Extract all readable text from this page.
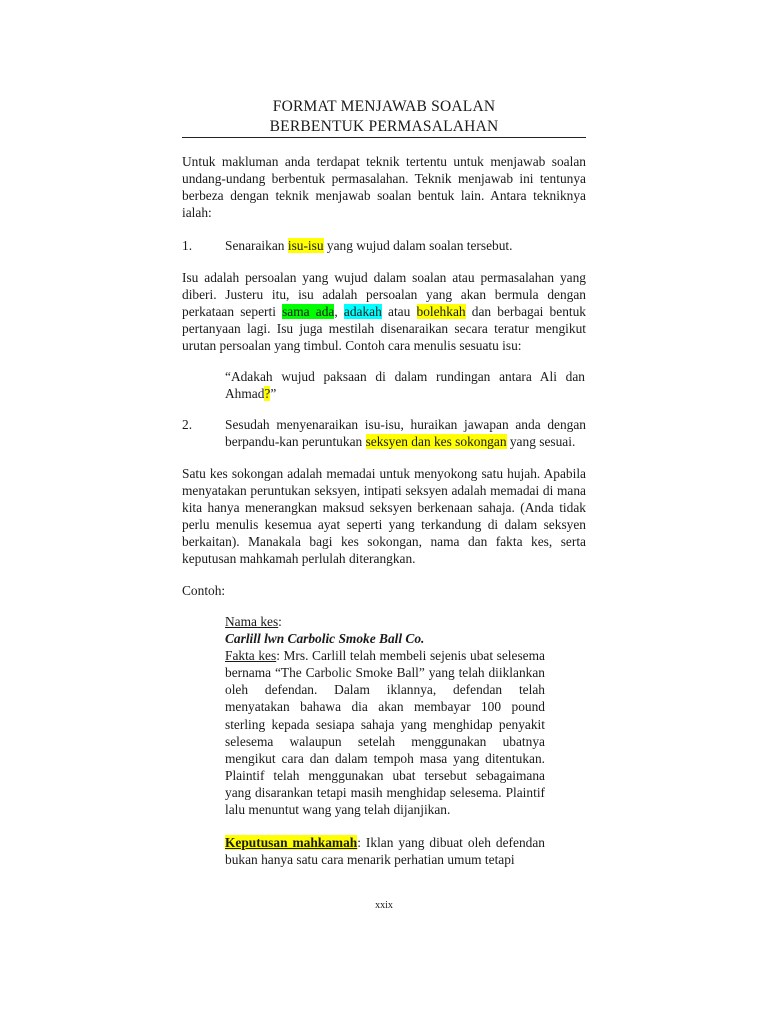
FORMAT MENJAWAB SOALAN
BERBENTUK PERMASALAHAN
Untuk makluman anda terdapat teknik tertentu untuk menjawab soalan undang-undang berbentuk permasalahan. Teknik menjawab ini tentunya berbeza dengan teknik menjawab soalan bentuk lain. Antara tekniknya ialah:
1. Senaraikan isu-isu yang wujud dalam soalan tersebut.
Isu adalah persoalan yang wujud dalam soalan atau permasalahan yang diberi. Justeru itu, isu adalah persoalan yang akan bermula dengan perkataan seperti sama ada, adakah atau bolehkah dan berbagai bentuk pertanyaan lagi. Isu juga mestilah disenaraikan secara teratur mengikut urutan persoalan yang timbul. Contoh cara menulis sesuatu isu:
“Adakah wujud paksaan di dalam rundingan antara Ali dan Ahmad?”
2. Sesudah menyenaraikan isu-isu, huraikan jawapan anda dengan berpandu-kan peruntukan seksyen dan kes sokongan yang sesuai.
Satu kes sokongan adalah memadai untuk menyokong satu hujah. Apabila menyatakan peruntukan seksyen, intipati seksyen adalah memadai di mana kita hanya menerangkan maksud seksyen berkenaan sahaja. (Anda tidak perlu menulis kesemua ayat seperti yang terkandung di dalam seksyen berkaitan). Manakala bagi kes sokongan, nama dan fakta kes, serta keputusan mahkamah perlulah diterangkan.
Contoh:
Nama kes:
Carlill lwn Carbolic Smoke Ball Co.
Fakta kes: Mrs. Carlill telah membeli sejenis ubat selesema bernama “The Carbolic Smoke Ball” yang telah diiklankan oleh defendan. Dalam iklannya, defendan telah menyatakan bahawa dia akan membayar 100 pound sterling kepada sesiapa sahaja yang menghidap penyakit selesema walaupun setelah menggunakan ubatnya mengikut cara dan dalam tempoh masa yang ditentukan. Plaintif telah menggunakan ubat tersebut sebagaimana yang disarankan tetapi masih menghidap selesema. Plaintif lalu menuntut wang yang telah dijanjikan.
Keputusan mahkamah: Iklan yang dibuat oleh defendan bukan hanya satu cara menarik perhatian umum tetapi
xxix
